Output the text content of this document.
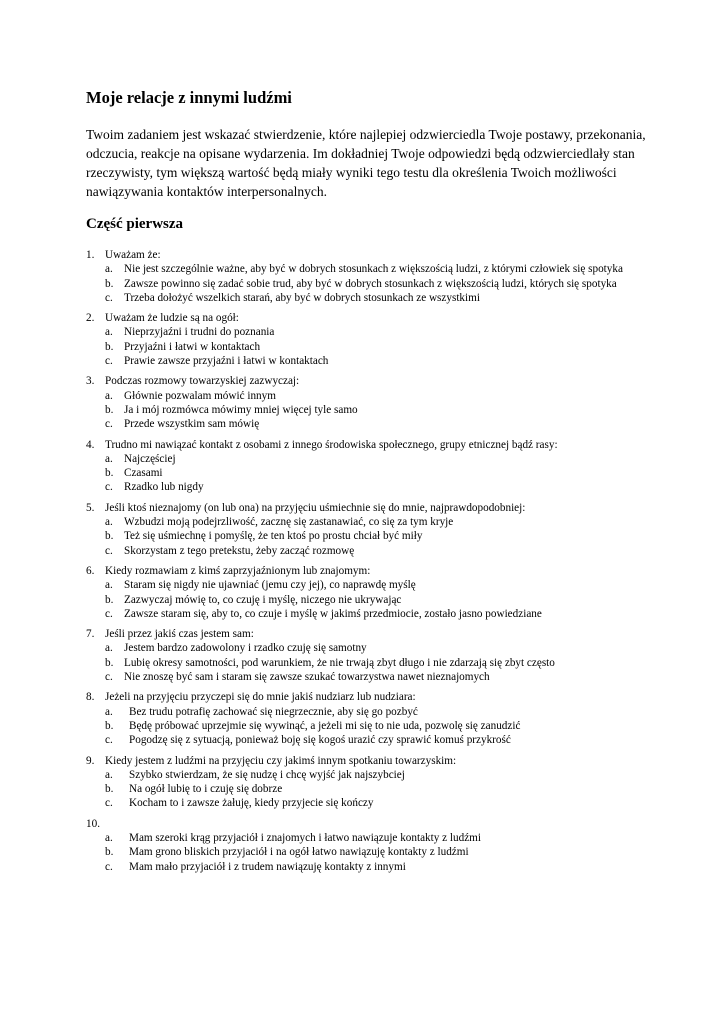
Moje relacje z innymi ludźmi

Twoim zadaniem jest wskazać stwierdzenie, które najlepiej odzwierciedla Twoje postawy, przekonania, odczucia, reakcje na opisane wydarzenia. Im dokładniej Twoje odpowiedzi będą odzwierciedlały stan rzeczywisty, tym większą wartość będą miały wyniki tego testu dla określenia Twoich możliwości nawiązywania kontaktów interpersonalnych.

Część pierwsza
1. Uważam że:
a. Nie jest szczególnie ważne, aby być w dobrych stosunkach z większością ludzi, z którymi człowiek się spotyka
b. Zawsze powinno się zadać sobie trud, aby być w dobrych stosunkach z większością ludzi, których się spotyka
c. Trzeba dołożyć wszelkich starań, aby być w dobrych stosunkach ze wszystkimi
2. Uważam że ludzie są na ogół:
a. Nieprzyjaźni i trudni do poznania
b. Przyjaźni i łatwi w kontaktach
c. Prawie zawsze przyjaźni i łatwi w kontaktach
3. Podczas rozmowy towarzyskiej zazwyczaj:
a. Głównie pozwalam mówić innym
b. Ja i mój rozmówca mówimy mniej więcej tyle samo
c. Przede wszystkim sam mówię
4. Trudno mi nawiązać kontakt z osobami z innego środowiska społecznego, grupy etnicznej bądź rasy:
a. Najczęściej
b. Czasami
c. Rzadko lub nigdy
5. Jeśli ktoś nieznajomy (on lub ona) na przyjęciu uśmiechnie się do mnie, najprawdopodobniej:
a. Wzbudzi moją podejrzliwość, zacznę się zastanawiać, co się za tym kryje
b. Też się uśmiechnę i pomyślę, że ten ktoś po prostu chciał być miły
c. Skorzystam z tego pretekstu, żeby zacząć rozmowę
6. Kiedy rozmawiam z kimś zaprzyjaźnionym lub znajomym:
a. Staram się nigdy nie ujawniać (jemu czy jej), co naprawdę myślę
b. Zazwyczaj mówię to, co czuję i myślę, niczego nie ukrywając
c. Zawsze staram się, aby to, co czuje i myślę w jakimś przedmiocie, zostało jasno powiedziane
7. Jeśli przez jakiś czas jestem sam:
a. Jestem bardzo zadowolony i rzadko czuję się samotny
b. Lubię okresy samotności, pod warunkiem, że nie trwają zbyt długo i nie zdarzają się zbyt często
c. Nie znoszę być sam i staram się zawsze szukać towarzystwa nawet nieznajomych
8. Jeżeli na przyjęciu przyczepi się do mnie jakiś nudziarz lub nudziara:
a. Bez trudu potrafię zachować się niegrzecznie, aby się go pozbyć
b. Będę próbować uprzejmie się wywinąć, a jeżeli mi się to nie uda, pozwolę się zanudzić
c. Pogodzę się z sytuacją, ponieważ boję się kogoś urazić czy sprawić komuś przykrość
9. Kiedy jestem z ludźmi na przyjęciu czy jakimś innym spotkaniu towarzyskim:
a. Szybko stwierdzam, że się nudzę i chcę wyjść jak najszybciej
b. Na ogół lubię to i czuję się dobrze
c. Kocham to i zawsze żałuję, kiedy przyjecie się kończy
10.

a. Mam szeroki krąg przyjaciół i znajomych i łatwo nawiązuje kontakty z ludźmi
b. Mam grono bliskich przyjaciół i na ogół łatwo nawiązuję kontakty z ludźmi
c. Mam mało przyjaciół i z trudem nawiązuję kontakty z innymi
